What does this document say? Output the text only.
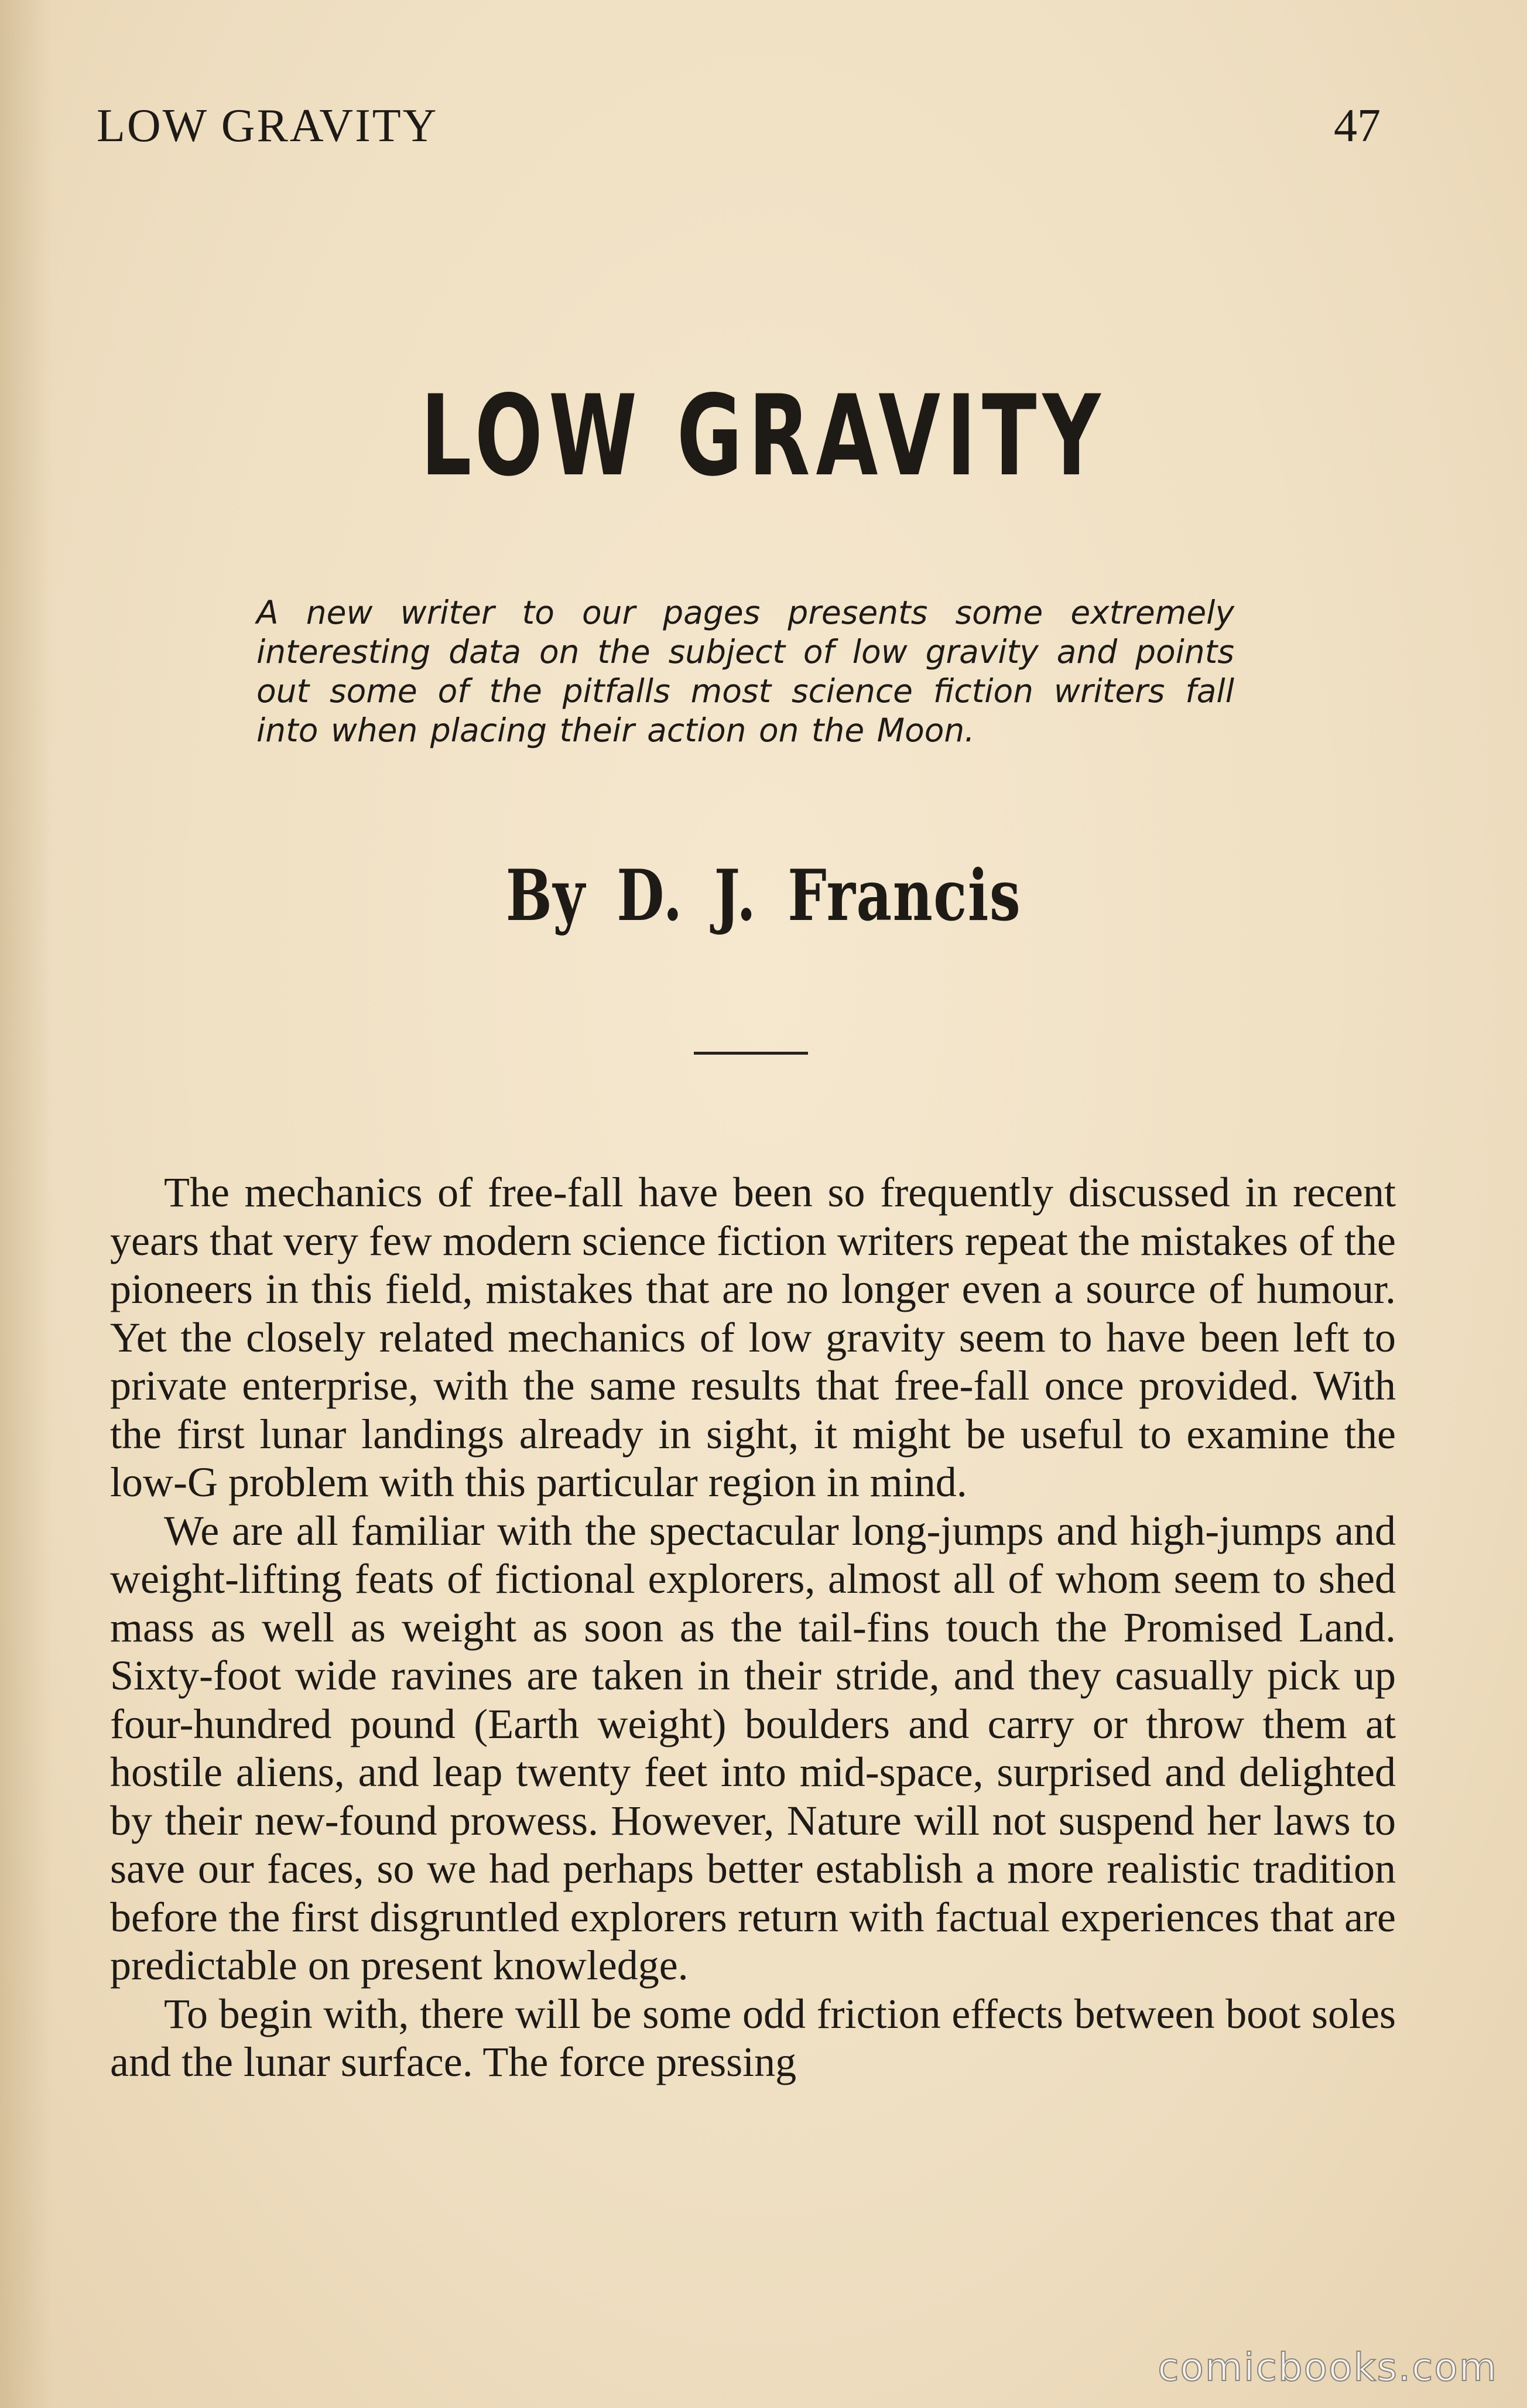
LOW GRAVITY	47
LOW GRAVITY
A new writer to our pages presents some extremely interesting data on the subject of low gravity and points out some of the pitfalls most science fiction writers fall into when placing their action on the Moon.
By D. J. Francis

The mechanics of free-fall have been so frequently discussed in recent years that very few modern science fiction writers repeat the mistakes of the pioneers in this field, mistakes that are no longer even a source of humour. Yet the closely related mechanics of low gravity seem to have been left to private enterprise, with the same results that free-fall once provided. With the first lunar landings already in sight, it might be useful to examine the low-G problem with this particular region in mind.

We are all familiar with the spectacular long-jumps and high-jumps and weight-lifting feats of fictional explorers, almost all of whom seem to shed mass as well as weight as soon as the tail-fins touch the Promised Land. Sixty-foot wide ravines are taken in their stride, and they casually pick up four-hundred pound (Earth weight) boulders and carry or throw them at hostile aliens, and leap twenty feet into mid-space, surprised and delighted by their new-found prowess. However, Nature will not suspend her laws to save our faces, so we had perhaps better establish a more realistic tradition before the first disgruntled explorers return with factual experiences that are predictable on present knowledge.

To begin with, there will be some odd friction effects between boot soles and the lunar surface. The force pressing

comicbooks.com
